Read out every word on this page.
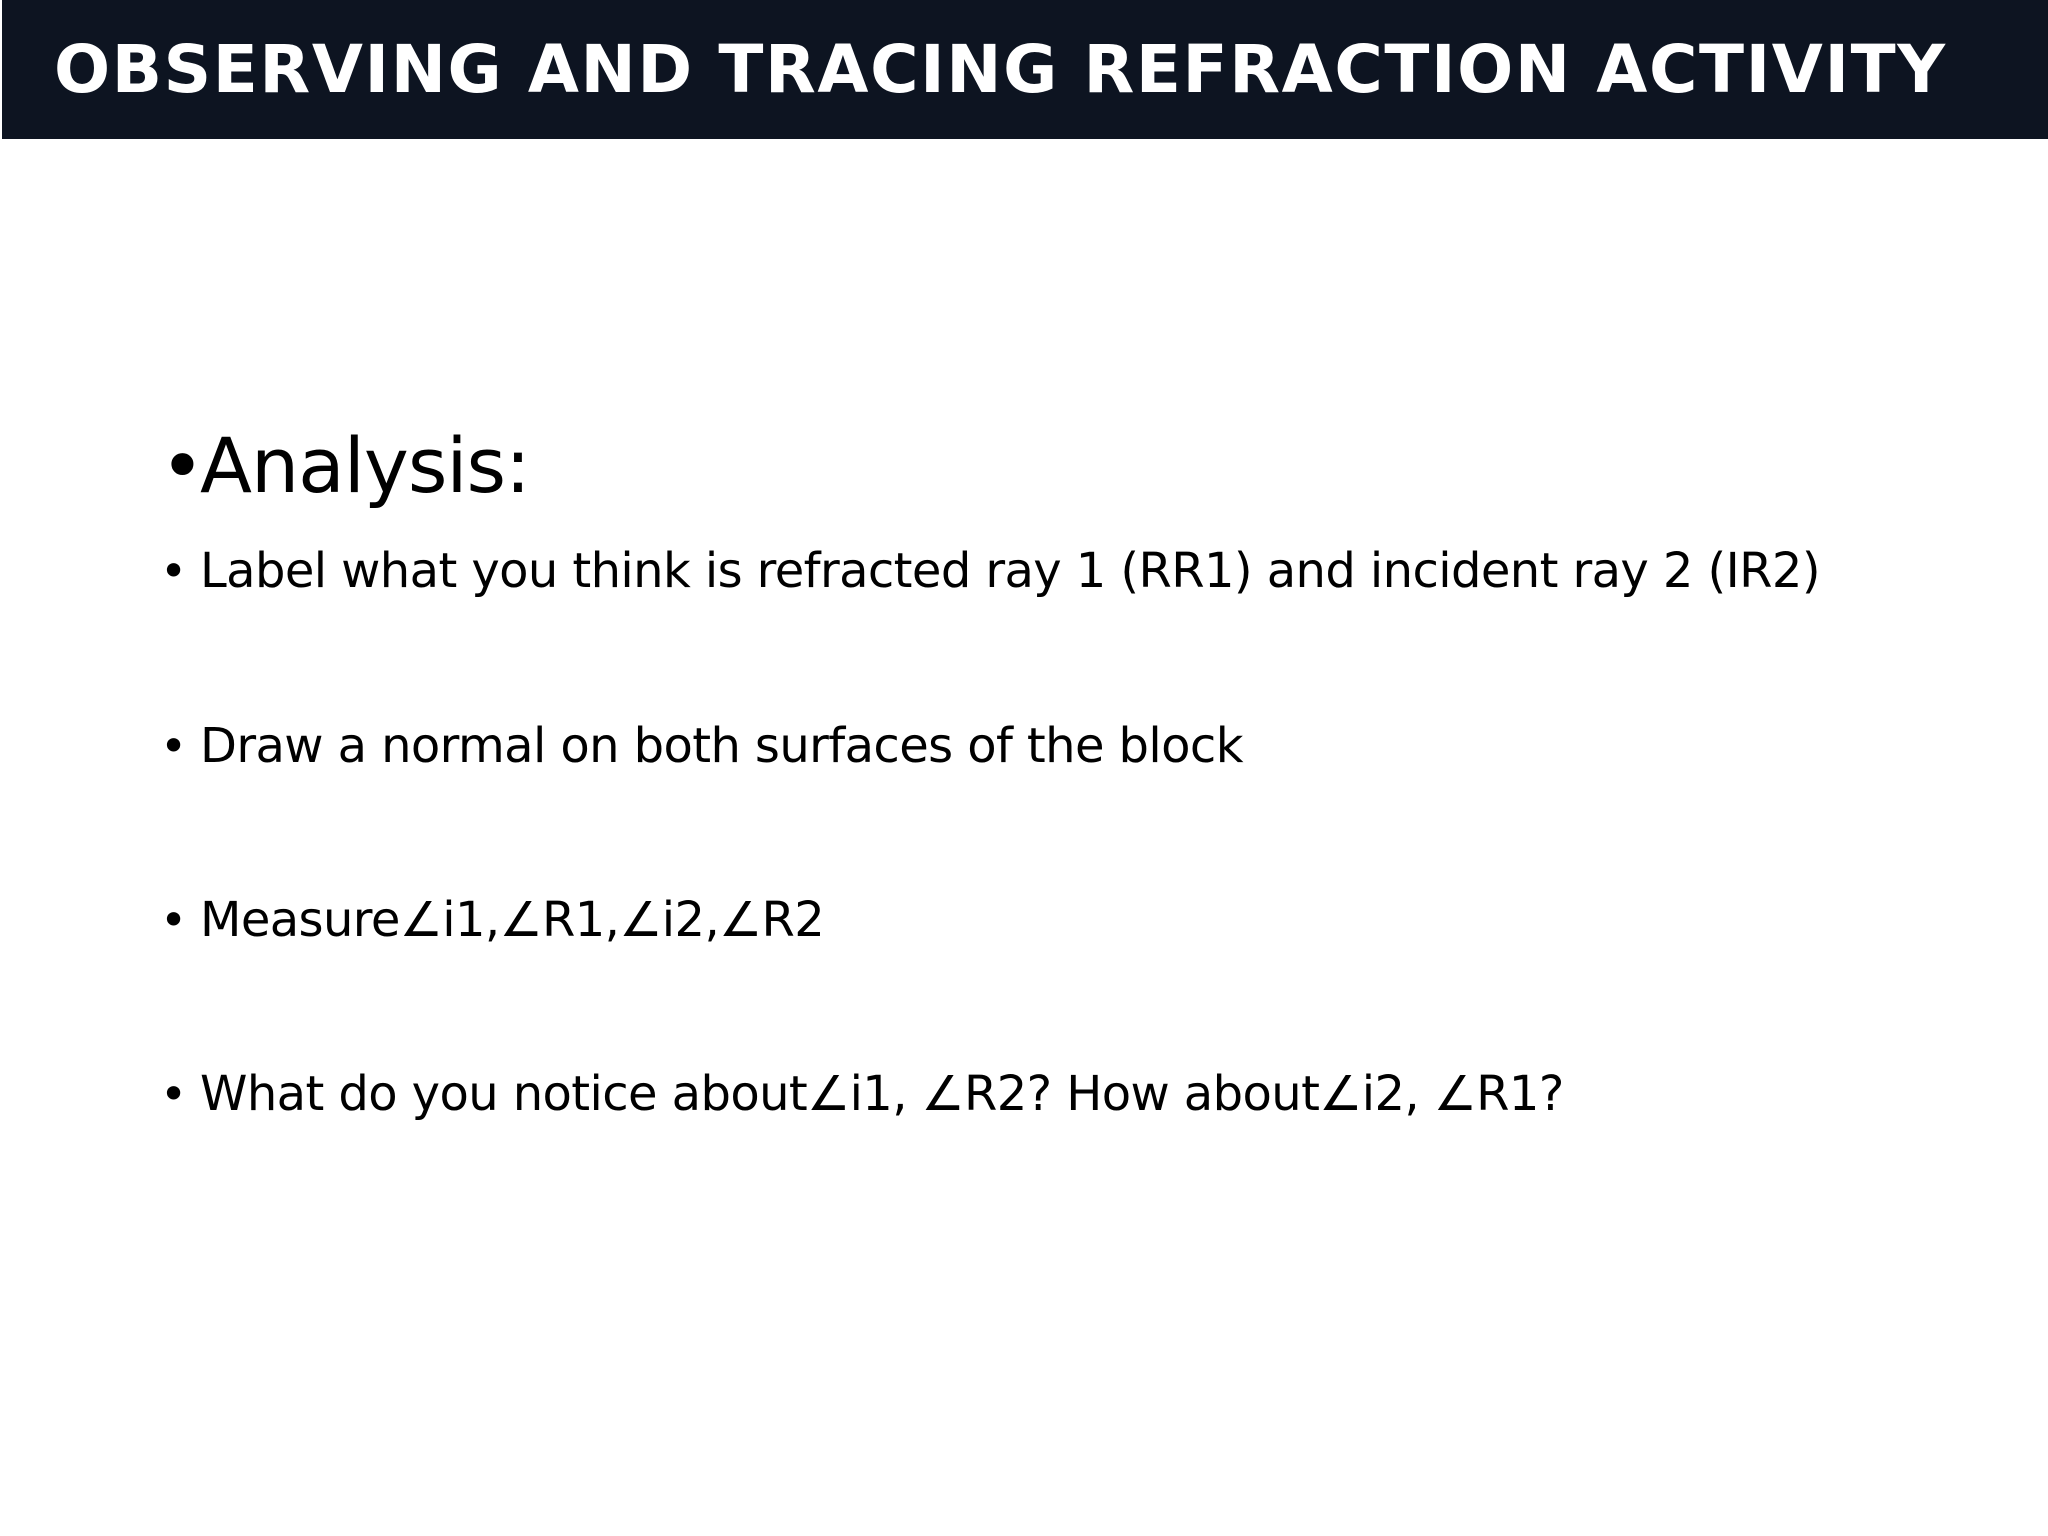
OBSERVING AND TRACING REFRACTION ACTIVITY
•
Analysis:
• Label what you think is refracted ray 1 (RR1) and incident ray 2 (IR2)
• Draw a normal on both surfaces of the block
• Measure∠i1,∠R1,∠i2,∠R2
• What do you notice about∠i1, ∠R2? How about∠i2, ∠R1?
